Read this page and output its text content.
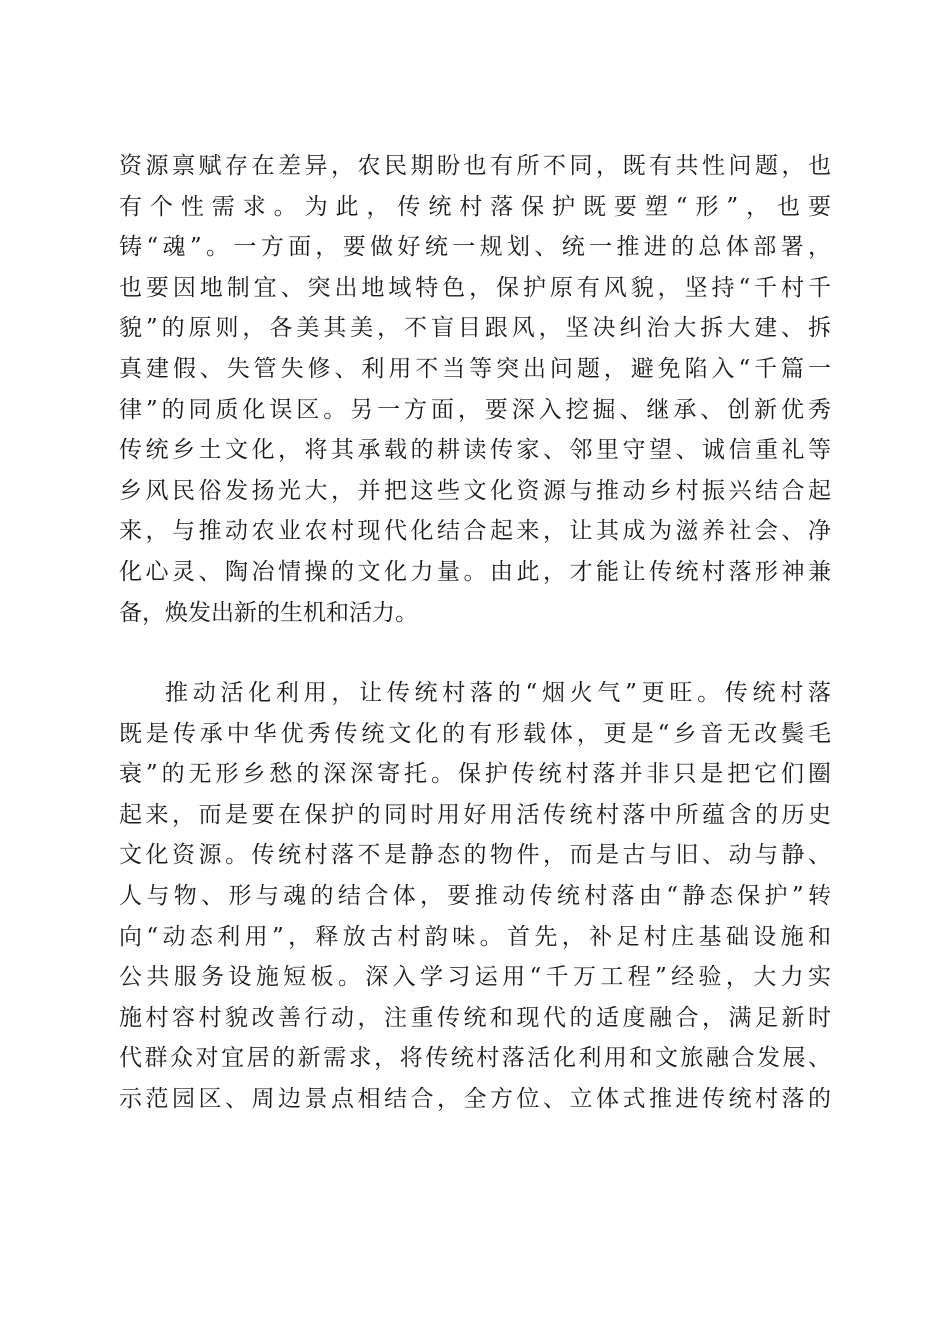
资源禀赋存在差异，农民期盼也有所不同，既有共性问题，也
有个性需求。为此，传统村落保护既要塑“形”，也要
铸“魂”。一方面，要做好统一规划、统一推进的总体部署，
也要因地制宜、突出地域特色，保护原有风貌，坚持“千村千
貌”的原则，各美其美，不盲目跟风，坚决纠治大拆大建、拆
真建假、失管失修、利用不当等突出问题，避免陷入“千篇一
律”的同质化误区。另一方面，要深入挖掘、继承、创新优秀
传统乡土文化，将其承载的耕读传家、邻里守望、诚信重礼等
乡风民俗发扬光大，并把这些文化资源与推动乡村振兴结合起
来，与推动农业农村现代化结合起来，让其成为滋养社会、净
化心灵、陶冶情操的文化力量。由此，才能让传统村落形神兼
备，焕发出新的生机和活力。
推动活化利用，让传统村落的“烟火气”更旺。传统村落
既是传承中华优秀传统文化的有形载体，更是“乡音无改鬓毛
衰”的无形乡愁的深深寄托。保护传统村落并非只是把它们圈
起来，而是要在保护的同时用好用活传统村落中所蕴含的历史
文化资源。传统村落不是静态的物件，而是古与旧、动与静、
人与物、形与魂的结合体，要推动传统村落由“静态保护”转
向“动态利用”，释放古村韵味。首先，补足村庄基础设施和
公共服务设施短板。深入学习运用“千万工程”经验，大力实
施村容村貌改善行动，注重传统和现代的适度融合，满足新时
代群众对宜居的新需求，将传统村落活化利用和文旅融合发展、
示范园区、周边景点相结合，全方位、立体式推进传统村落的
